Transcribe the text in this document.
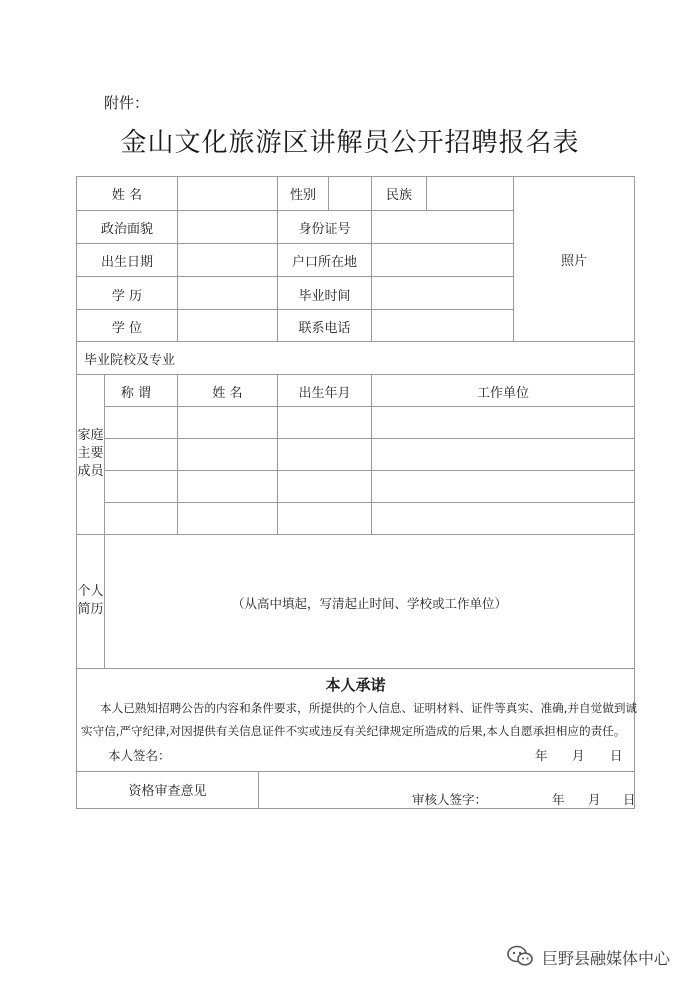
附件：
金山文化旅游区讲解员公开招聘报名表
姓 名	性别	民族
政治面貌	身份证号
出生日期	户口所在地
学 历	毕业时间
学 位	联系电话
照片
毕业院校及专业
家庭
主要
成员
称 谓	姓 名	出生年月	工作单位
个人
简历	（从高中填起，写清起止时间、学校或工作单位）
本人承诺
本人已熟知招聘公告的内容和条件要求，所提供的个人信息、证明材料、证件等真实、准确,并自觉做到诚
实守信,严守纪律,对因提供有关信息证件不实或违反有关纪律规定所造成的后果,本人自愿承担相应的责任。
本人签名：	年 月 日
资格审查意见
审核人签字：	年 月 日
巨野县融媒体中心
